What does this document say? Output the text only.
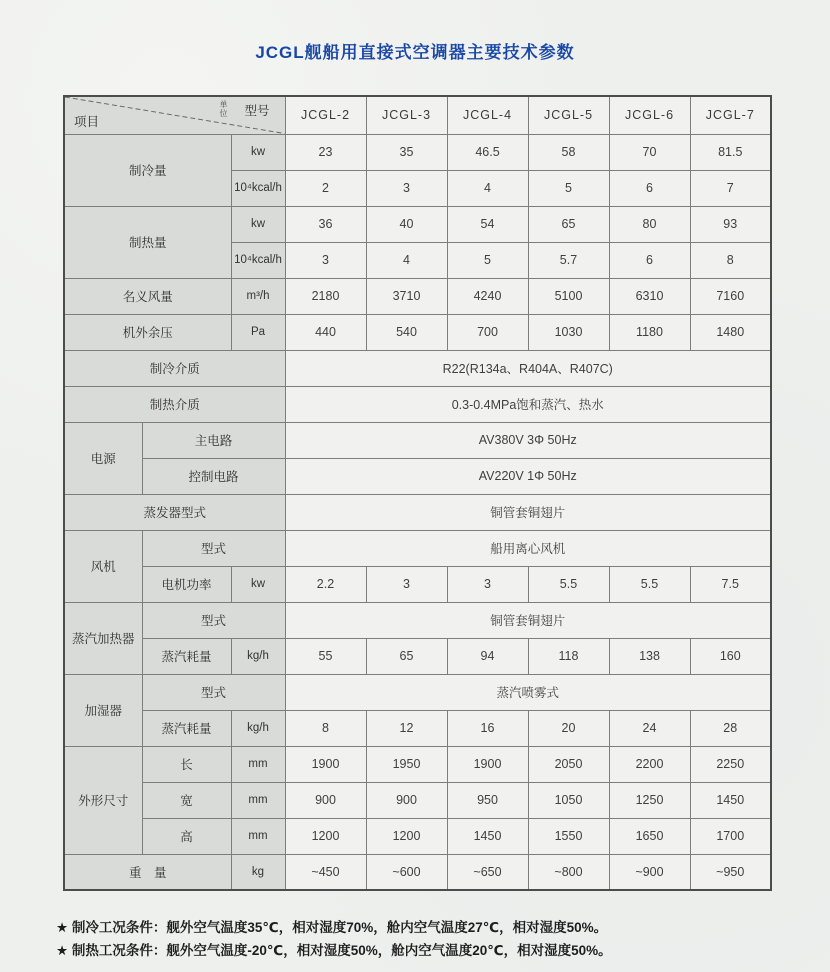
JCGL舰船用直接式空调器主要技术参数
项目
单位 型号			JCGL-2	JCGL-3	JCGL-4	JCGL-5	JCGL-6	JCGL-7
制冷量		kw	23	35	46.5	58	70	81.5
		10⁴kcal/h	2	3	4	5	6	7
制热量		kw	36	40	54	65	80	93
		10⁴kcal/h	3	4	5	5.7	6	8
名义风量		m³/h	2180	3710	4240	5100	6310	7160
机外余压		Pa	440	540	700	1030	1180	1480
制冷介质			R22(R134a、R404A、R407C)					
制热介质			0.3-0.4MPa饱和蒸汽、热水					
电源	主电路		AV380V 3Φ 50Hz					
	控制电路		AV220V 1Φ 50Hz					
蒸发器型式			铜管套铜翅片					
风机	型式		船用离心风机					
	电机功率	kw	2.2	3	3	5.5	5.5	7.5
蒸汽加热器	型式		铜管套铜翅片					
	蒸汽耗量	kg/h	55	65	94	118	138	160
加湿器	型式		蒸汽喷雾式					
	蒸汽耗量	kg/h	8	12	16	20	24	28
外形尺寸	长	mm	1900	1950	1900	2050	2200	2250
	宽	mm	900	900	950	1050	1250	1450
	高	mm	1200	1200	1450	1550	1650	1700
重　量		kg	~450	~600	~650	~800	~900	~950
★ 制冷工况条件：舰外空气温度35℃，相对湿度70%，舱内空气温度27℃，相对湿度50%。
★ 制热工况条件：舰外空气温度-20℃，相对湿度50%，舱内空气温度20℃，相对湿度50%。
